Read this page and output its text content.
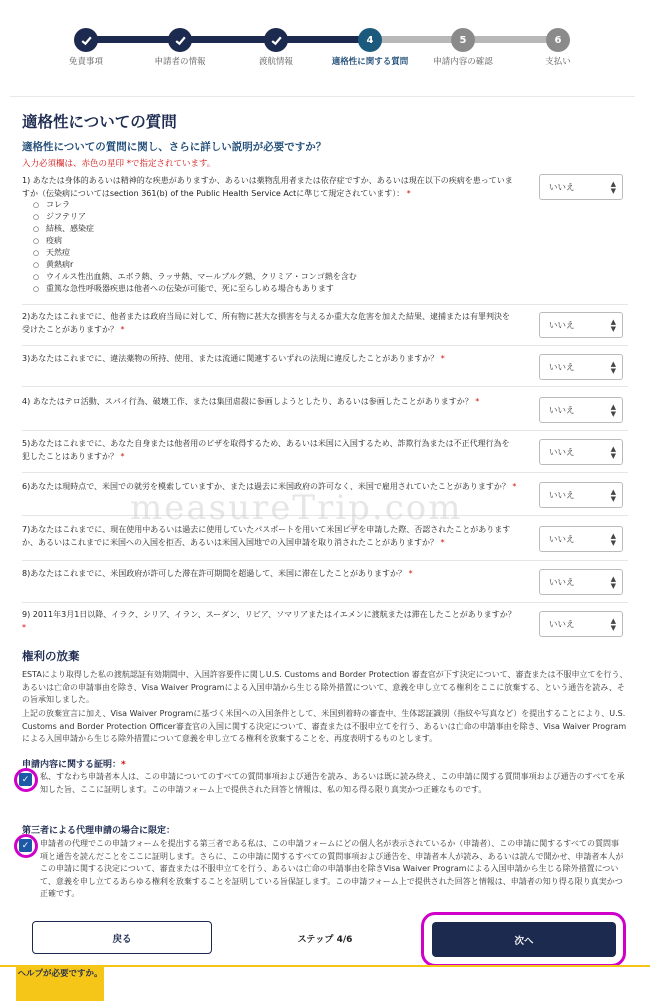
4	5	6
免責事項	申請者の情報	渡航情報	適格性に関する質問	申請内容の確認	支払い
適格性についての質問
適格性についての質問に関し、さらに詳しい説明が必要ですか？
入力必須欄は、赤色の星印 *で指定されています。
1) あなたは身体的あるいは精神的な疾患がありますか、あるいは薬物乱用者または依存症ですか、あるいは現在以下の疾病を患っていますか（伝染病についてはsection 361(b) of the Public Health Service Actに準じて規定されています）： *
○ コレラ
○ ジフテリア
○ 結核、感染症
○ 疫病
○ 天然痘
○ 黄熱病r
○ ウイルス性出血熱、エボラ熱、ラッサ熱、マールブルグ熱、クリミア・コンゴ熱を含む
○ 重篤な急性呼吸器疾患は他者への伝染が可能で、死に至らしめる場合もあります
いいえ	▲
▼
2)あなたはこれまでに、他者または政府当局に対して、所有物に甚大な損害を与えるか重大な危害を加えた結果、逮捕または有罪判決を受けたことがありますか？ *	いいえ	▲
▼
3)あなたはこれまでに、違法薬物の所持、使用、または流通に関連するいずれの法規に違反したことがありますか？ *
いいえ	▲
▼
4) あなたはテロ活動、スパイ行為、破壊工作、または集団虐殺に参画しようとしたり、あるいは参画したことがありますか？ *
いいえ	▲
▼
5)あなたはこれまでに、あなた自身または他者用のビザを取得するため、あるいは米国に入国するため、詐欺行為または不正代理行為を犯したことはありますか？ *	いいえ	▲
▼
6)あなたは現時点で、米国での就労を模索していますか、または過去に米国政府の許可なく、米国で雇用されていたことがありますか？ *
いいえ	▲
▼
7)あなたはこれまでに、現在使用中あるいは過去に使用していたパスポートを用いて米国ビザを申請した際、否認されたことがありますか、あるいはこれまでに米国への入国を拒否、あるいは米国入国地での入国申請を取り消されたことがありますか？ *	いいえ	▲
▼
8)あなたはこれまでに、米国政府が許可した滞在許可期間を超過して、米国に滞在したことがありますか？ *
いいえ	▲
▼
9) 2011年3月1日以降、イラク、シリア、イラン、スーダン、リビア、ソマリアまたはイエメンに渡航または滞在したことがありますか？ *	いいえ	▲
▼
権利の放棄
ESTAにより取得した私の渡航認証有効期間中、入国許容要件に関しU.S. Customs and Border Protection 審査官が下す決定について、審査または不服申立てを行う、あるいは亡命の申請事由を除き、Visa Waiver Programによる入国申請から生じる除外措置について、意義を申し立てる権利をここに放棄する、という通告を読み、その旨承知しました。
上記の放棄宣言に加え、Visa Waiver Programに基づく米国への入国条件として、米国到着時の審査中、生体認証識別（指紋や写真など）を提出することにより、U.S. Customs and Border Protection Officer審査官の入国に関する決定について、審査または不服申立てを行う、あるいは亡命の申請事由を除き、Visa Waiver Programによる入国申請から生じる除外措置について意義を申し立てる権利を放棄することを、再度表明するものとします。
申請内容に関する証明：*
✓ 私、すなわち申請者本人は、この申請についてのすべての質問事項および通告を読み、あるいは既に読み終え、この申請に関する質問事項および通告のすべてを承知した旨、ここに証明します。この申請フォーム上で提供された回答と情報は、私の知る得る限り真実かつ正確なものです。
第三者による代理申請の場合に限定：
✓ 申請者の代理でこの申請フォームを提出する第三者である私は、この申請フォームにどの個人名が表示されているか（申請者）、この申請に関するすべての質問事項と通告を読んだことをここに証明します。さらに、この申請に関するすべての質問事項および通告を、申請者本人が読み、あるいは読んで聞かせ、申請者本人がこの申請に関する決定について、審査または不服申立てを行う、あるいは亡命の申請事由を除きVisa Waiver Programによる入国申請から生じる除外措置について、意義を申し立てるあらゆる権利を放棄することを証明している旨保証します。この申請フォーム上で提供された回答と情報は、申請者の知り得る限り真実かつ正確です。
戻る	ステップ 4/6	次へ
ヘルプが必要ですか。
measureTrip.com
